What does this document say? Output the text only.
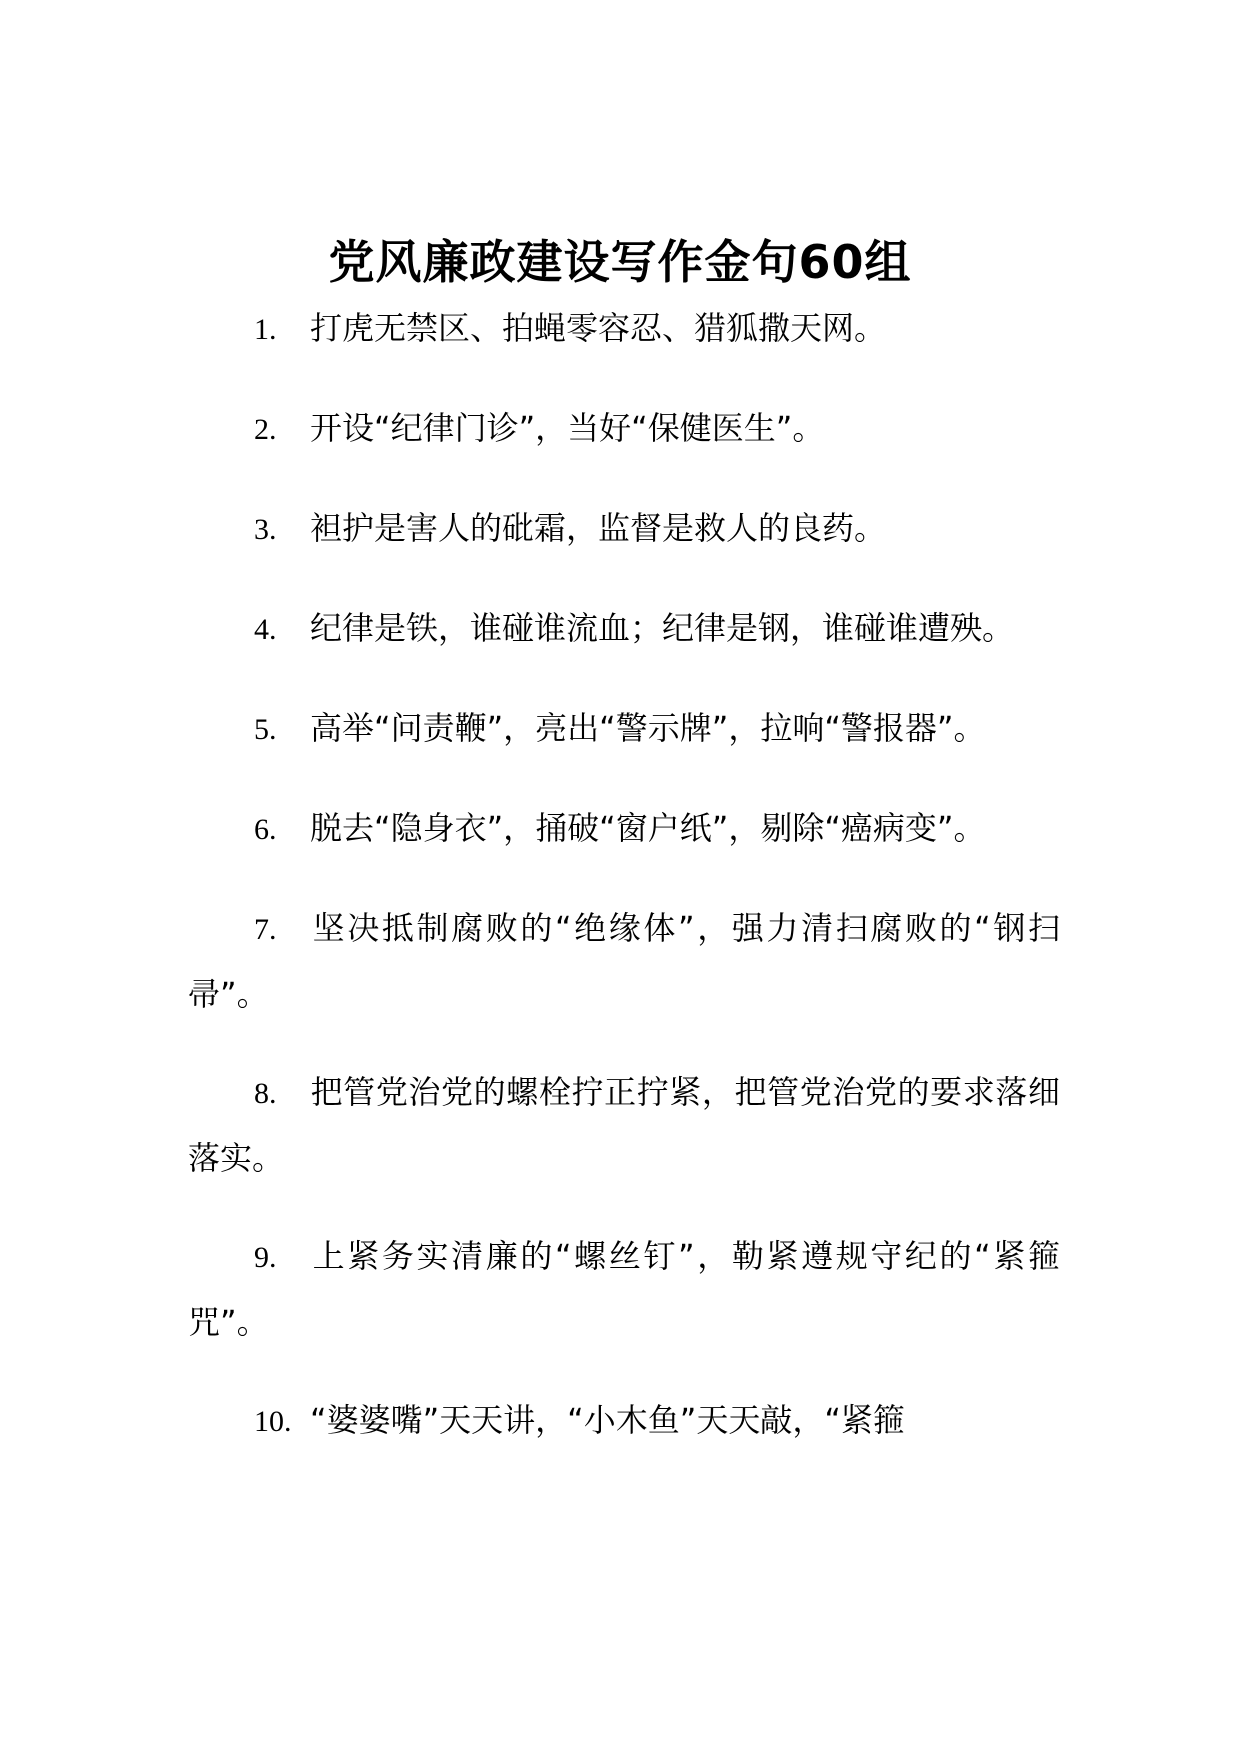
党风廉政建设写作金句60组
1. 打虎无禁区、拍蝇零容忍、猎狐撒天网。
2. 开设“纪律门诊”，当好“保健医生”。
3. 袒护是害人的砒霜，监督是救人的良药。
4. 纪律是铁，谁碰谁流血；纪律是钢，谁碰谁遭殃。
5. 高举“问责鞭”，亮出“警示牌”，拉响“警报器”。
6. 脱去“隐身衣”，捅破“窗户纸”，剔除“癌病变”。
7. 坚决抵制腐败的“绝缘体”，强力清扫腐败的“钢扫帚”。
8. 把管党治党的螺栓拧正拧紧，把管党治党的要求落细落实。
9. 上紧务实清廉的“螺丝钉”，勒紧遵规守纪的“紧箍咒”。
10. “婆婆嘴”天天讲，“小木鱼”天天敲，“紧箍
